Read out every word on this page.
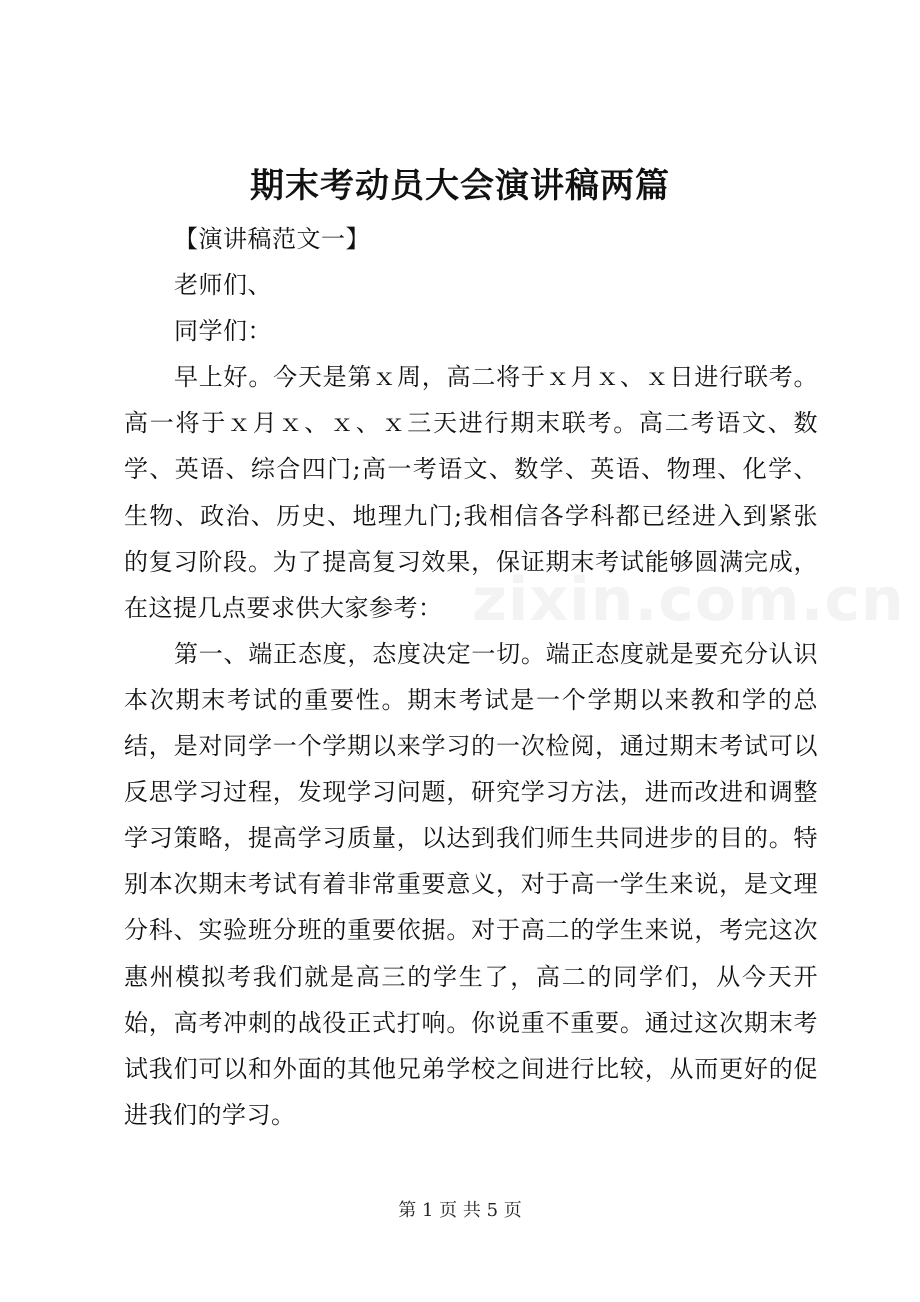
期末考动员大会演讲稿两篇

【演讲稿范文一】

老师们、

同学们：

早上好。今天是第ｘ周，高二将于ｘ月ｘ、ｘ日进行联考。高一将于ｘ月ｘ、ｘ、ｘ三天进行期末联考。高二考语文、数学、英语、综合四门;高一考语文、数学、英语、物理、化学、生物、政治、历史、地理九门;我相信各学科都已经进入到紧张的复习阶段。为了提高复习效果，保证期末考试能够圆满完成，在这提几点要求供大家参考：

第一、端正态度，态度决定一切。端正态度就是要充分认识本次期末考试的重要性。期末考试是一个学期以来教和学的总结，是对同学一个学期以来学习的一次检阅，通过期末考试可以反思学习过程，发现学习问题，研究学习方法，进而改进和调整学习策略，提高学习质量，以达到我们师生共同进步的目的。特别本次期末考试有着非常重要意义，对于高一学生来说，是文理分科、实验班分班的重要依据。对于高二的学生来说，考完这次惠州模拟考我们就是高三的学生了，高二的同学们，从今天开始，高考冲刺的战役正式打响。你说重不重要。通过这次期末考试我们可以和外面的其他兄弟学校之间进行比较，从而更好的促进我们的学习。

zixin.com.cn
第 1 页 共 5 页
